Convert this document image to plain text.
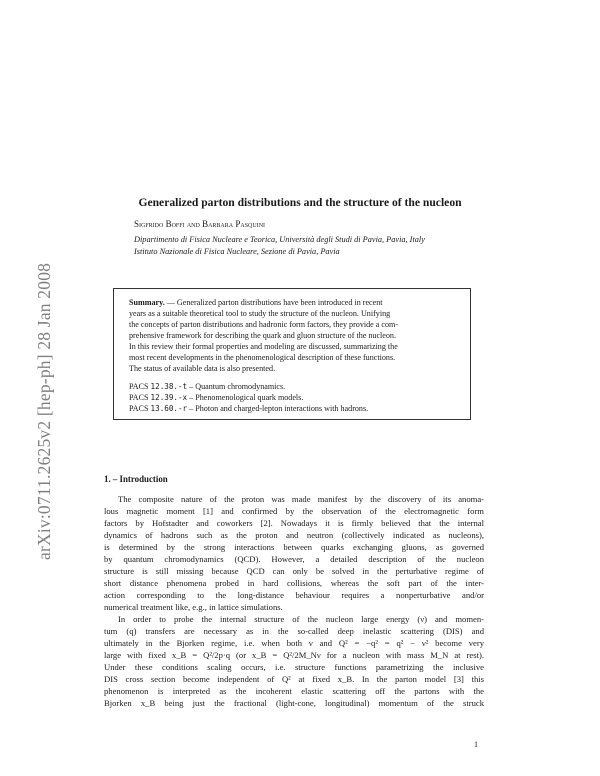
arXiv:0711.2625v2 [hep-ph] 28 Jan 2008
Generalized parton distributions and the structure of the nucleon
Sigfrido Boffi and Barbara Pasquini
Dipartimento di Fisica Nucleare e Teorica, Università degli Studi di Pavia, Pavia, Italy
Istituto Nazionale di Fisica Nucleare, Sezione di Pavia, Pavia
Summary. — Generalized parton distributions have been introduced in recent
years as a suitable theoretical tool to study the structure of the nucleon. Unifying
the concepts of parton distributions and hadronic form factors, they provide a com-
prehensive framework for describing the quark and gluon structure of the nucleon.
In this review their formal properties and modeling are discussed, summarizing the
most recent developments in the phenomenological description of these functions.
The status of available data is also presented.
PACS 12.38.-t – Quantum chromodynamics.
PACS 12.39.-x – Phenomenological quark models.
PACS 13.60.-r – Photon and charged-lepton interactions with hadrons.
1. – Introduction
The composite nature of the proton was made manifest by the discovery of its anoma-
lous magnetic moment [1] and confirmed by the observation of the electromagnetic form
factors by Hofstadter and coworkers [2]. Nowadays it is firmly believed that the internal
dynamics of hadrons such as the proton and neutron (collectively indicated as nucleons),
is determined by the strong interactions between quarks exchanging gluons, as governed
by quantum chromodynamics (QCD). However, a detailed description of the nucleon
structure is still missing because QCD can only be solved in the perturbative regime of
short distance phenomena probed in hard collisions, whereas the soft part of the inter-
action corresponding to the long-distance behaviour requires a nonperturbative and/or
numerical treatment like, e.g., in lattice simulations.
In order to probe the internal structure of the nucleon large energy (ν) and momen-
tum (q) transfers are necessary as in the so-called deep inelastic scattering (DIS) and
ultimately in the Bjorken regime, i.e. when both ν and Q² = −q² = q² − ν² become very
large with fixed x_B = Q²/2p·q (or x_B = Q²/2M_Nν for a nucleon with mass M_N at rest).
Under these conditions scaling occurs, i.e. structure functions parametrizing the inclusive
DIS cross section become independent of Q² at fixed x_B. In the parton model [3] this
phenomenon is interpreted as the incoherent elastic scattering off the partons with the
Bjorken x_B being just the fractional (light-cone, longitudinal) momentum of the struck
1
